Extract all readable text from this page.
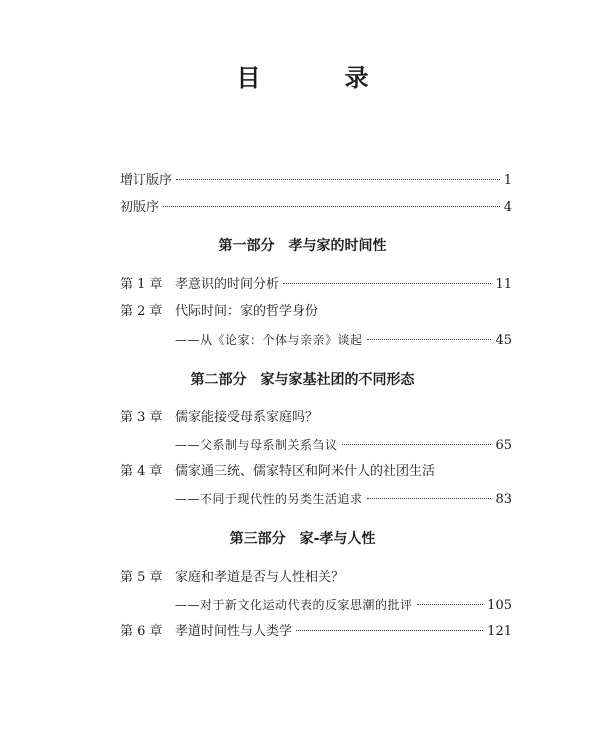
目　录
增订版序	1
初版序	4
第一部分　孝与家的时间性
第 1 章 孝意识的时间分析	11
第 2 章 代际时间：家的哲学身份
——从《论家：个体与亲亲》谈起	45
第二部分　家与家基社团的不同形态
第 3 章 儒家能接受母系家庭吗？
——父系制与母系制关系刍议	65
第 4 章 儒家通三统、儒家特区和阿米什人的社团生活
——不同于现代性的另类生活追求	83
第三部分　家-孝与人性
第 5 章 家庭和孝道是否与人性相关？
——对于新文化运动代表的反家思潮的批评	105
第 6 章 孝道时间性与人类学	121
